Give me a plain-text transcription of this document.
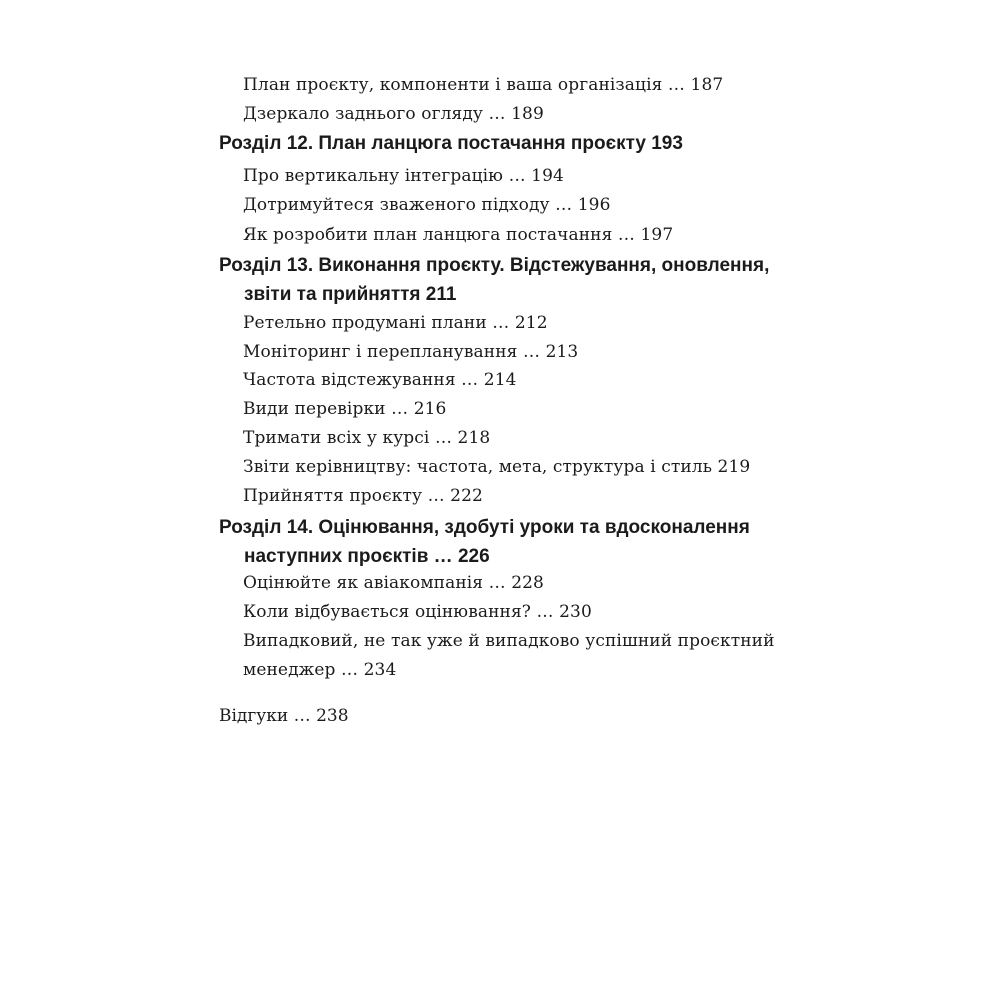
План проєкту, компоненти і ваша організація … 187
Дзеркало заднього огляду … 189
Розділ 12. План ланцюга постачання проєкту 193
Про вертикальну інтеграцію … 194
Дотримуйтеся зваженого підходу … 196
Як розробити план ланцюга постачання … 197
Розділ 13. Виконання проєкту. Відстежування, оновлення,
звіти та прийняття 211
Ретельно продумані плани … 212
Моніторинг і перепланування … 213
Частота відстежування … 214
Види перевірки … 216
Тримати всіх у курсі … 218
Звіти керівництву: частота, мета, структура і стиль 219
Прийняття проєкту … 222
Розділ 14. Оцінювання, здобуті уроки та вдосконалення
наступних проєктів … 226
Оцінюйте як авіакомпанія … 228
Коли відбувається оцінювання? … 230
Випадковий, не так уже й випадково успішний проєктний
менеджер … 234
Відгуки … 238
